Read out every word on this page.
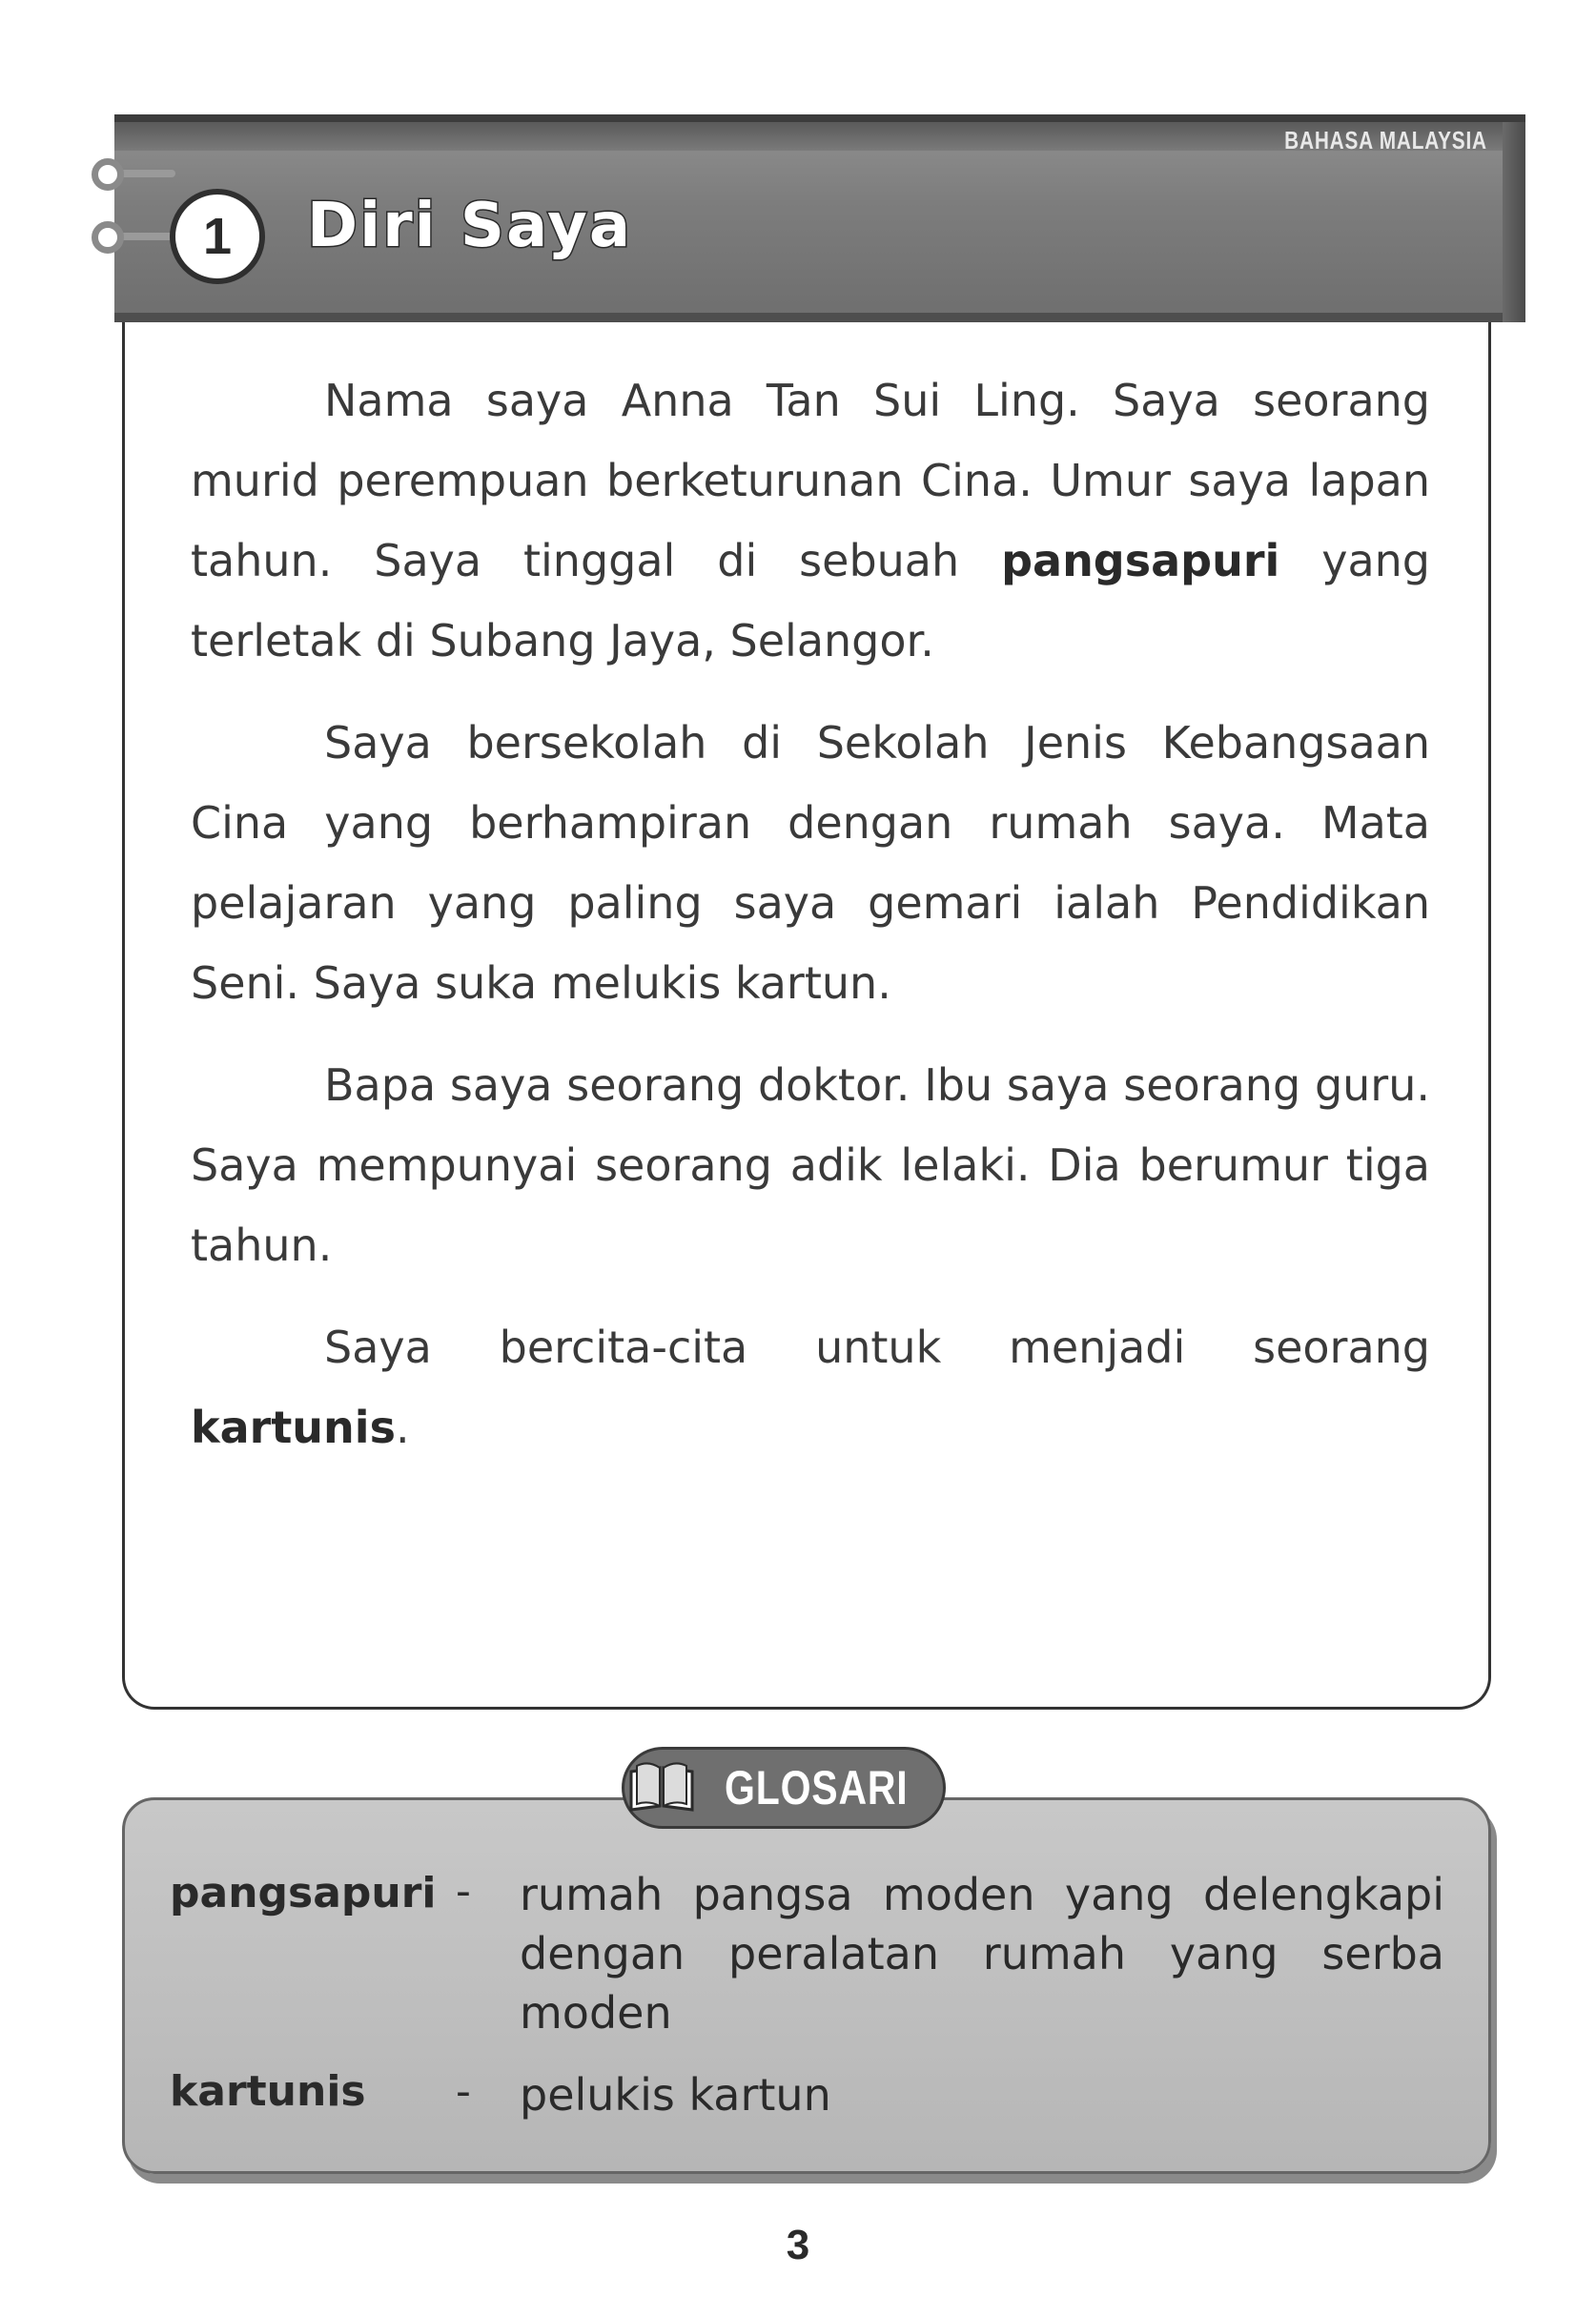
BAHASA MALAYSIA
1	Diri Saya

Nama saya Anna Tan Sui Ling. Saya seorang murid perempuan berketurunan Cina. Umur saya lapan tahun. Saya tinggal di sebuah pangsapuri yang terletak di Subang Jaya, Selangor.

Saya bersekolah di Sekolah Jenis Kebangsaan Cina yang berhampiran dengan rumah saya. Mata pelajaran yang paling saya gemari ialah Pendidikan Seni. Saya suka melukis kartun.

Bapa saya seorang doktor. Ibu saya seorang guru. Saya mempunyai seorang adik lelaki. Dia berumur tiga tahun.

Saya bercita-cita untuk menjadi seorang kartunis.

GLOSARI
pangsapuri - rumah pangsa moden yang delengkapi dengan peralatan rumah yang serba moden

kartunis - pelukis kartun

3
